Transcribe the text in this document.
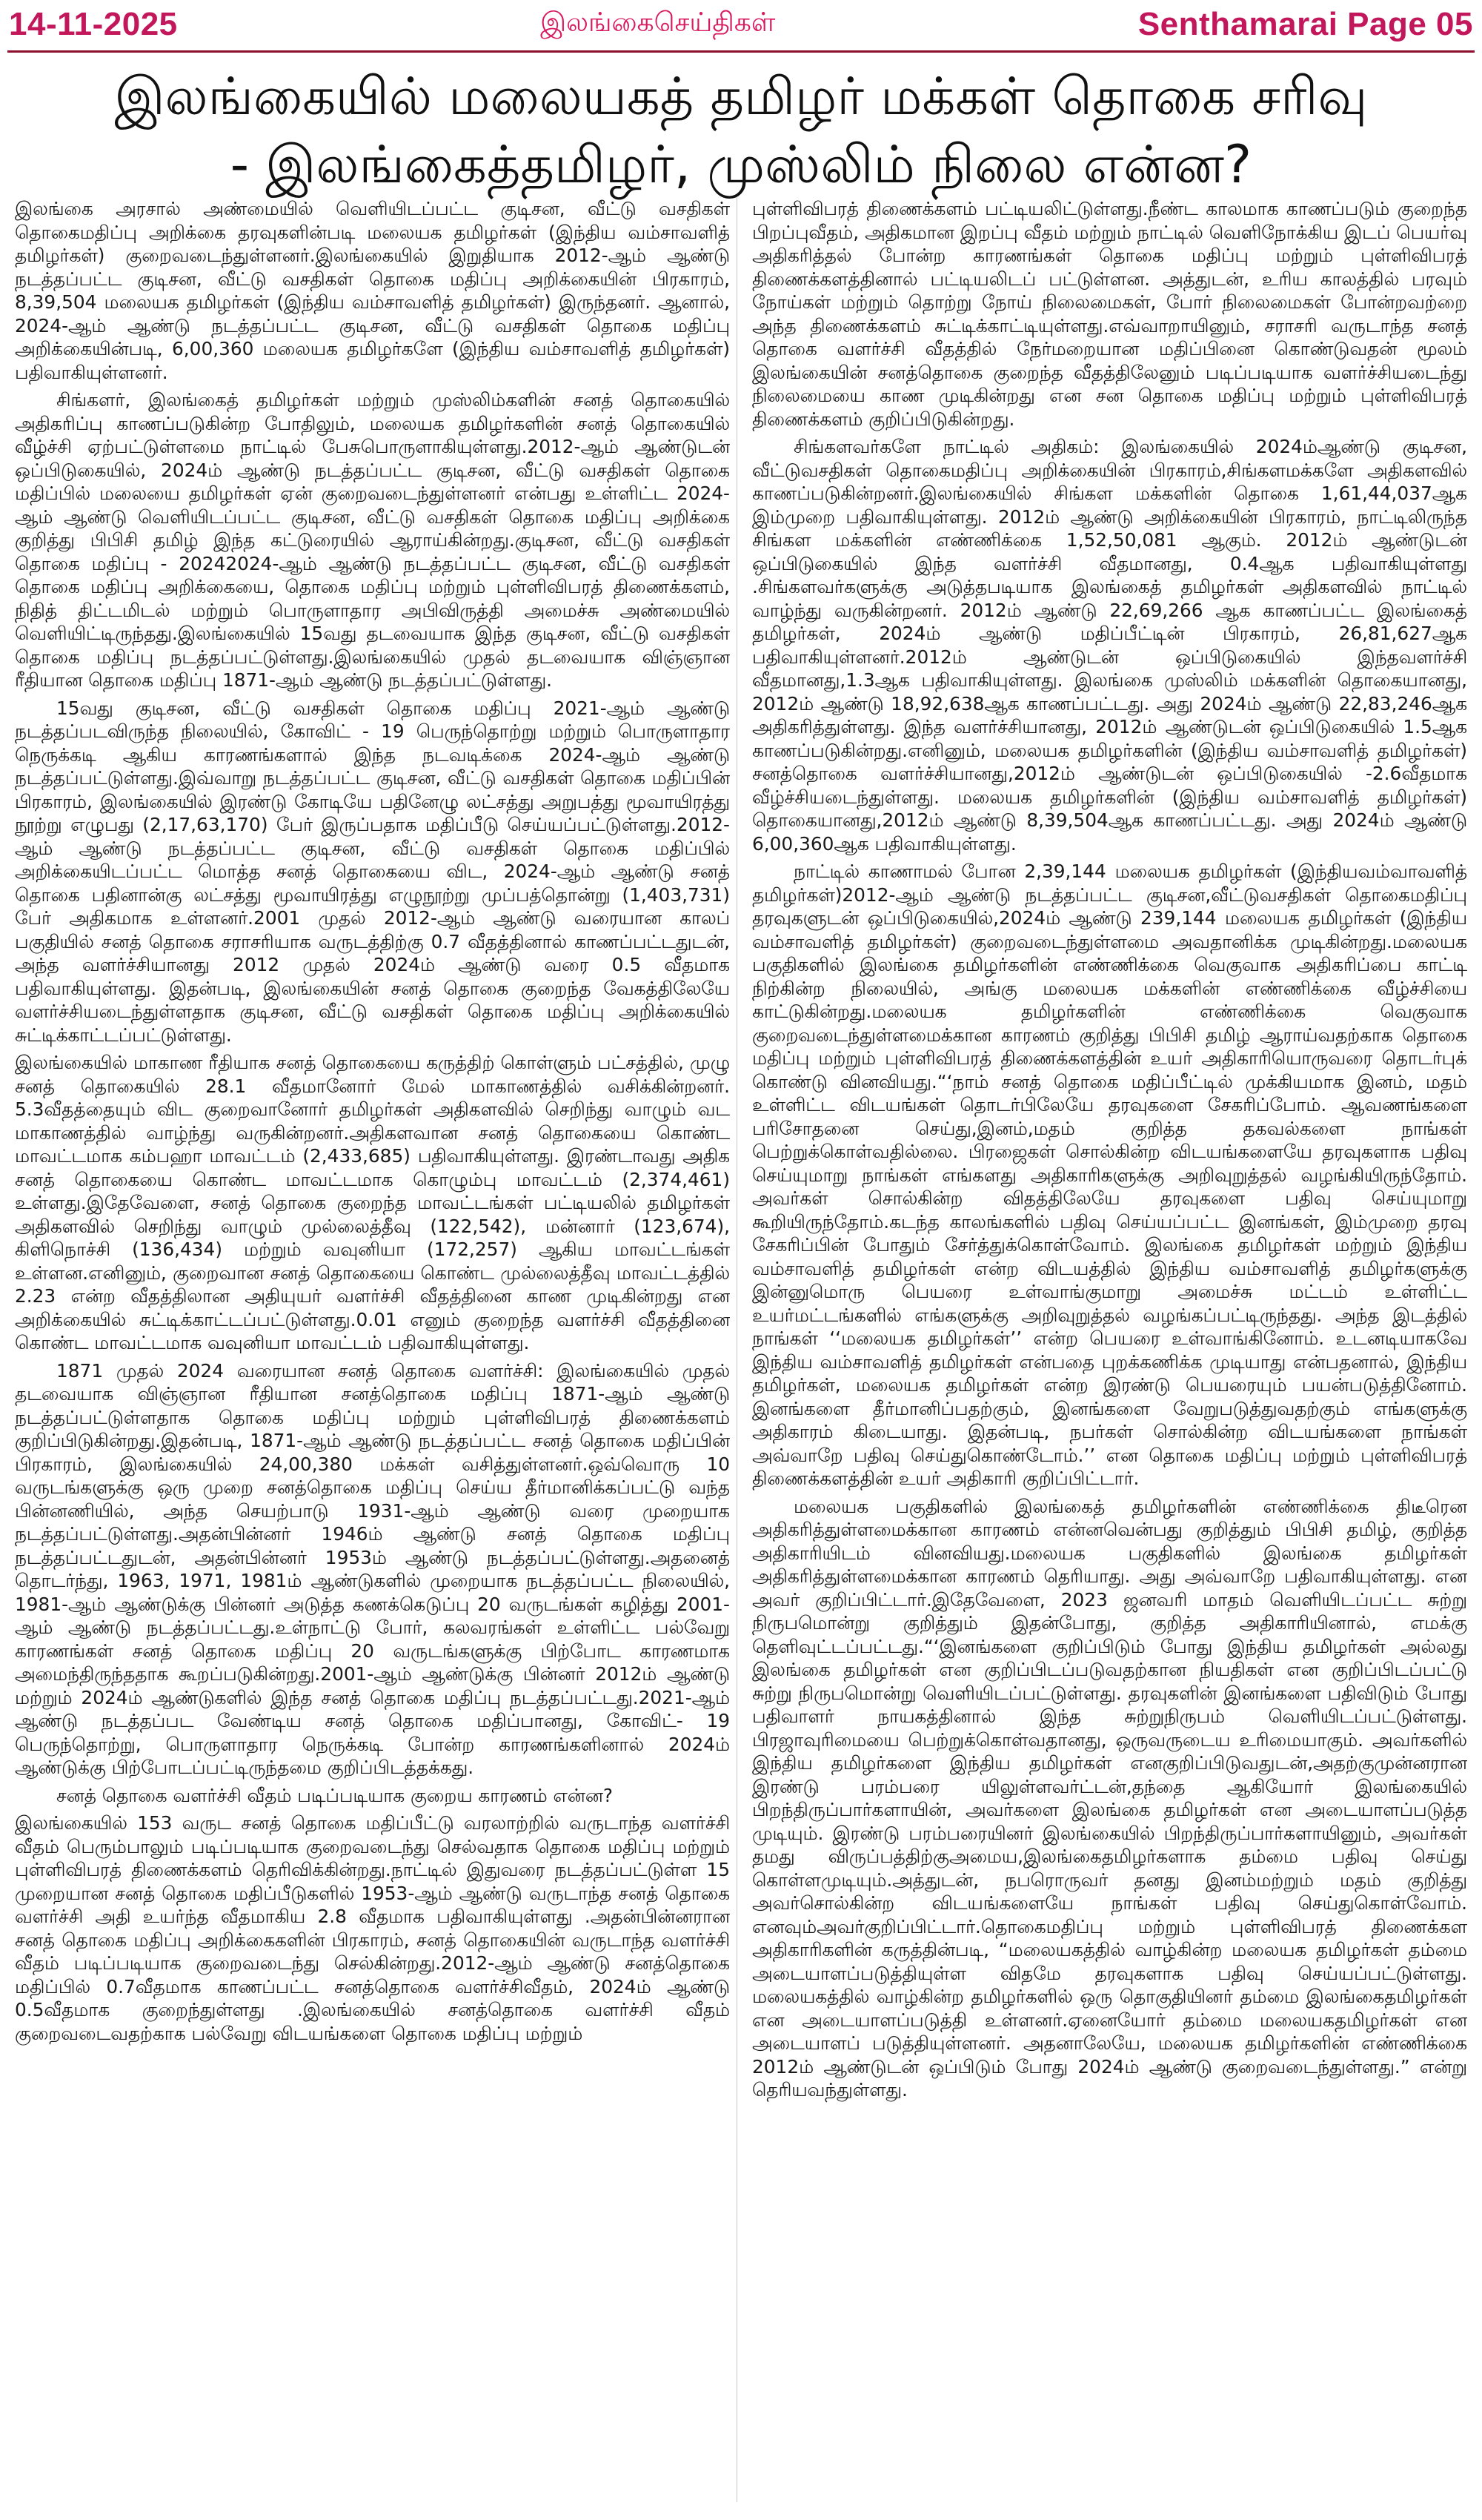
14-11-2025	இலங்கைசெய்திகள்	Senthamarai Page 05
இலங்கையில் மலையகத் தமிழர் மக்கள் தொகை சரிவு
- இலங்கைத்தமிழர், முஸ்லிம் நிலை என்ன?

இலங்கை அரசால் அண்மையில் வெளியிடப்பட்ட குடிசன, வீட்டு வசதிகள் தொகைமதிப்பு அறிக்கை தரவுகளின்படி மலையக தமிழர்கள் (இந்திய வம்சாவளித் தமிழர்கள்) குறைவடைந்துள்ளனர்.இலங்கையில் இறுதியாக 2012-ஆம் ஆண்டு நடத்தப்பட்ட குடிசன, வீட்டு வசதிகள் தொகை மதிப்பு அறிக்கையின் பிரகாரம், 8,39,504 மலையக தமிழர்கள் (இந்திய வம்சாவளித் தமிழர்கள்) இருந்தனர். ஆனால், 2024-ஆம் ஆண்டு நடத்தப்பட்ட குடிசன, வீட்டு வசதிகள் தொகை மதிப்பு அறிக்கையின்படி, 6,00,360 மலையக தமிழர்களே (இந்திய வம்சாவளித் தமிழர்கள்) பதிவாகியுள்ளனர்.

சிங்களர், இலங்கைத் தமிழர்கள் மற்றும் முஸ்லிம்களின் சனத் தொகையில் அதிகரிப்பு காணப்படுகின்ற போதிலும், மலையக தமிழர்களின் சனத் தொகையில் வீழ்ச்சி ஏற்பட்டுள்ளமை நாட்டில் பேசுபொருளாகியுள்ளது.2012-ஆம் ஆண்டுடன் ஒப்பிடுகையில், 2024ம் ஆண்டு நடத்தப்பட்ட குடிசன, வீட்டு வசதிகள் தொகை மதிப்பில் மலையை தமிழர்கள் ஏன் குறைவடைந்துள்ளனர் என்பது உள்ளிட்ட 2024-ஆம் ஆண்டு வெளியிடப்பட்ட குடிசன, வீட்டு வசதிகள் தொகை மதிப்பு அறிக்கை குறித்து பிபிசி தமிழ் இந்த கட்டுரையில் ஆராய்கின்றது.குடிசன, வீட்டு வசதிகள் தொகை மதிப்பு - 20242024-ஆம் ஆண்டு நடத்தப்பட்ட குடிசன, வீட்டு வசதிகள் தொகை மதிப்பு அறிக்கையை, தொகை மதிப்பு மற்றும் புள்ளிவிபரத் திணைக்களம், நிதித் திட்டமிடல் மற்றும் பொருளாதார அபிவிருத்தி அமைச்சு அண்மையில் வெளியிட்டிருந்தது.இலங்கையில் 15வது தடவையாக இந்த குடிசன, வீட்டு வசதிகள் தொகை மதிப்பு நடத்தப்பட்டுள்ளது.இலங்கையில் முதல் தடவையாக விஞ்ஞான ரீதியான தொகை மதிப்பு 1871-ஆம் ஆண்டு நடத்தப்பட்டுள்ளது.

15வது குடிசன, வீட்டு வசதிகள் தொகை மதிப்பு 2021-ஆம் ஆண்டு நடத்தப்படவிருந்த நிலையில், கோவிட் - 19 பெருந்தொற்று மற்றும் பொருளாதார நெருக்கடி ஆகிய காரணங்களால் இந்த நடவடிக்கை 2024-ஆம் ஆண்டு நடத்தப்பட்டுள்ளது.இவ்வாறு நடத்தப்பட்ட குடிசன, வீட்டு வசதிகள் தொகை மதிப்பின் பிரகாரம், இலங்கையில் இரண்டு கோடியே பதினேழு லட்சத்து அறுபத்து மூவாயிரத்து நூற்று எழுபது (2,17,63,170) பேர் இருப்பதாக மதிப்பீடு செய்யப்பட்டுள்ளது.2012-ஆம் ஆண்டு நடத்தப்பட்ட குடிசன, வீட்டு வசதிகள் தொகை மதிப்பில் அறிக்கையிடப்பட்ட மொத்த சனத் தொகையை விட, 2024-ஆம் ஆண்டு சனத் தொகை பதினான்கு லட்சத்து மூவாயிரத்து எழுநூற்று முப்பத்தொன்று (1,403,731) பேர் அதிகமாக உள்ளனர்.2001 முதல் 2012-ஆம் ஆண்டு வரையான காலப் பகுதியில் சனத் தொகை சராசரியாக வருடத்திற்கு 0.7 வீதத்தினால் காணப்பட்டதுடன், அந்த வளர்ச்சியானது 2012 முதல் 2024ம் ஆண்டு வரை 0.5 வீதமாக பதிவாகியுள்ளது. இதன்படி, இலங்கையின் சனத் தொகை குறைந்த வேகத்திலேயே வளர்ச்சியடைந்துள்ளதாக குடிசன, வீட்டு வசதிகள் தொகை மதிப்பு அறிக்கையில் சுட்டிக்காட்டப்பட்டுள்ளது.

இலங்கையில் மாகாண ரீதியாக சனத் தொகையை கருத்திற் கொள்ளும் பட்சத்தில், முழு சனத் தொகையில் 28.1 வீதமானோர் மேல் மாகாணத்தில் வசிக்கின்றனர். 5.3வீதத்தையும் விட குறைவானோர் தமிழர்கள் அதிகளவில் செறிந்து வாழும் வட மாகாணத்தில் வாழ்ந்து வருகின்றனர்.அதிகளவான சனத் தொகையை கொண்ட மாவட்டமாக கம்பஹா மாவட்டம் (2,433,685) பதிவாகியுள்ளது. இரண்டாவது அதிக சனத் தொகையை கொண்ட மாவட்டமாக கொழும்பு மாவட்டம் (2,374,461) உள்ளது.இதேவேளை, சனத் தொகை குறைந்த மாவட்டங்கள் பட்டியலில் தமிழர்கள் அதிகளவில் செறிந்து வாழும் முல்லைத்தீவு (122,542), மன்னார் (123,674), கிளிநொச்சி (136,434) மற்றும் வவுனியா (172,257) ஆகிய மாவட்டங்கள் உள்ளன.எனினும், குறைவான சனத் தொகையை கொண்ட முல்லைத்தீவு மாவட்டத்தில் 2.23 என்ற வீதத்திலான அதியுயர் வளர்ச்சி வீதத்தினை காண முடிகின்றது என அறிக்கையில் சுட்டிக்காட்டப்பட்டுள்ளது.0.01 எனும் குறைந்த வளர்ச்சி வீதத்தினை கொண்ட மாவட்டமாக வவுனியா மாவட்டம் பதிவாகியுள்ளது.

1871 முதல் 2024 வரையான சனத் தொகை வளர்ச்சி: இலங்கையில் முதல் தடவையாக விஞ்ஞான ரீதியான சனத்தொகை மதிப்பு 1871-ஆம் ஆண்டு நடத்தப்பட்டுள்ளதாக தொகை மதிப்பு மற்றும் புள்ளிவிபரத் திணைக்களம் குறிப்பிடுகின்றது.இதன்படி, 1871-ஆம் ஆண்டு நடத்தப்பட்ட சனத் தொகை மதிப்பின் பிரகாரம், இலங்கையில் 24,00,380 மக்கள் வசித்துள்ளனர்.ஒவ்வொரு 10 வருடங்களுக்கு ஒரு முறை சனத்தொகை மதிப்பு செய்ய தீர்மானிக்கப்பட்டு வந்த பின்னணியில், அந்த செயற்பாடு 1931-ஆம் ஆண்டு வரை முறையாக நடத்தப்பட்டுள்ளது.அதன்பின்னர் 1946ம் ஆண்டு சனத் தொகை மதிப்பு நடத்தப்பட்டதுடன், அதன்பின்னர் 1953ம் ஆண்டு நடத்தப்பட்டுள்ளது.அதனைத் தொடர்ந்து, 1963, 1971, 1981ம் ஆண்டுகளில் முறையாக நடத்தப்பட்ட நிலையில், 1981-ஆம் ஆண்டுக்கு பின்னர் அடுத்த கணக்கெடுப்பு 20 வருடங்கள் கழித்து 2001-ஆம் ஆண்டு நடத்தப்பட்டது.உள்நாட்டு போர், கலவரங்கள் உள்ளிட்ட பல்வேறு காரணங்கள் சனத் தொகை மதிப்பு 20 வருடங்களுக்கு பிற்போட காரணமாக அமைந்திருந்ததாக கூறப்படுகின்றது.2001-ஆம் ஆண்டுக்கு பின்னர் 2012ம் ஆண்டு மற்றும் 2024ம் ஆண்டுகளில் இந்த சனத் தொகை மதிப்பு நடத்தப்பட்டது.2021-ஆம் ஆண்டு நடத்தப்பட வேண்டிய சனத் தொகை மதிப்பானது, கோவிட்- 19 பெருந்தொற்று, பொருளாதார நெருக்கடி போன்ற காரணங்களினால் 2024ம் ஆண்டுக்கு பிற்போடப்பட்டிருந்தமை குறிப்பிடத்தக்கது.

சனத் தொகை வளர்ச்சி வீதம் படிப்படியாக குறைய காரணம் என்ன?

இலங்கையில் 153 வருட சனத் தொகை மதிப்பீட்டு வரலாற்றில் வருடாந்த வளர்ச்சி வீதம் பெரும்பாலும் படிப்படியாக குறைவடைந்து செல்வதாக தொகை மதிப்பு மற்றும் புள்ளிவிபரத் திணைக்களம் தெரிவிக்கின்றது.நாட்டில் இதுவரை நடத்தப்பட்டுள்ள 15 முறையான சனத் தொகை மதிப்பீடுகளில் 1953-ஆம் ஆண்டு வருடாந்த சனத் தொகை வளர்ச்சி அதி உயர்ந்த வீதமாகிய 2.8 வீதமாக பதிவாகியுள்ளது .அதன்பின்னரான சனத் தொகை மதிப்பு அறிக்கைகளின் பிரகாரம், சனத் தொகையின் வருடாந்த வளர்ச்சி வீதம் படிப்படியாக குறைவடைந்து செல்கின்றது.2012-ஆம் ஆண்டு சனத்தொகை மதிப்பில் 0.7வீதமாக காணப்பட்ட சனத்தொகை வளர்ச்சிவீதம், 2024ம் ஆண்டு 0.5வீதமாக குறைந்துள்ளது .இலங்கையில் சனத்தொகை வளர்ச்சி வீதம் குறைவடைவதற்காக பல்வேறு விடயங்களை தொகை மதிப்பு மற்றும்

புள்ளிவிபரத் திணைக்களம் பட்டியலிட்டுள்ளது.நீண்ட காலமாக காணப்படும் குறைந்த பிறப்புவீதம், அதிகமான இறப்பு வீதம் மற்றும் நாட்டில் வெளிநோக்கிய இடப் பெயர்வு அதிகரித்தல் போன்ற காரணங்கள் தொகை மதிப்பு மற்றும் புள்ளிவிபரத் திணைக்களத்தினால் பட்டியலிடப் பட்டுள்ளன. அத்துடன், உரிய காலத்தில் பரவும் நோய்கள் மற்றும் தொற்று நோய் நிலைமைகள், போர் நிலைமைகள் போன்றவற்றை அந்த திணைக்களம் சுட்டிக்காட்டியுள்ளது.எவ்வாறாயினும், சராசரி வருடாந்த சனத் தொகை வளர்ச்சி வீதத்தில் நேர்மறையான மதிப்பினை கொண்டுவதன் மூலம் இலங்கையின் சனத்தொகை குறைந்த வீதத்திலேனும் படிப்படியாக வளர்ச்சியடைந்து நிலைமையை காண முடிகின்றது என சன தொகை மதிப்பு மற்றும் புள்ளிவிபரத் திணைக்களம் குறிப்பிடுகின்றது.

சிங்களவர்களே நாட்டில் அதிகம்: இலங்கையில் 2024ம்ஆண்டு குடிசன, வீட்டுவசதிகள் தொகைமதிப்பு அறிக்கையின் பிரகாரம்,சிங்களமக்களே அதிகளவில் காணப்படுகின்றனர்.இலங்கையில் சிங்கள மக்களின் தொகை 1,61,44,037ஆக இம்முறை பதிவாகியுள்ளது. 2012ம் ஆண்டு அறிக்கையின் பிரகாரம், நாட்டிலிருந்த சிங்கள மக்களின் எண்ணிக்கை 1,52,50,081 ஆகும். 2012ம் ஆண்டுடன் ஒப்பிடுகையில் இந்த வளர்ச்சி வீதமானது, 0.4ஆக பதிவாகியுள்ளது .சிங்களவர்களுக்கு அடுத்தபடியாக இலங்கைத் தமிழர்கள் அதிகளவில் நாட்டில் வாழ்ந்து வருகின்றனர். 2012ம் ஆண்டு 22,69,266 ஆக காணப்பட்ட இலங்கைத் தமிழர்கள், 2024ம் ஆண்டு மதிப்பீட்டின் பிரகாரம், 26,81,627ஆக பதிவாகியுள்ளனர்.2012ம் ஆண்டுடன் ஒப்பிடுகையில் இந்தவளர்ச்சி வீதமானது,1.3ஆக பதிவாகியுள்ளது. இலங்கை முஸ்லிம் மக்களின் தொகையானது, 2012ம் ஆண்டு 18,92,638ஆக காணப்பட்டது. அது 2024ம் ஆண்டு 22,83,246ஆக அதிகரித்துள்ளது. இந்த வளர்ச்சியானது, 2012ம் ஆண்டுடன் ஒப்பிடுகையில் 1.5ஆக காணப்படுகின்றது.எனினும், மலையக தமிழர்களின் (இந்திய வம்சாவளித் தமிழர்கள்) சனத்தொகை வளர்ச்சியானது,2012ம் ஆண்டுடன் ஒப்பிடுகையில் -2.6வீதமாக வீழ்ச்சியடைந்துள்ளது. மலையக தமிழர்களின் (இந்திய வம்சாவளித் தமிழர்கள்) தொகையானது,2012ம் ஆண்டு 8,39,504ஆக காணப்பட்டது. அது 2024ம் ஆண்டு 6,00,360ஆக பதிவாகியுள்ளது.

நாட்டில் காணாமல் போன 2,39,144 மலையக தமிழர்கள் (இந்தியவம்வாவளித் தமிழர்கள்)2012-ஆம் ஆண்டு நடத்தப்பட்ட குடிசன,வீட்டுவசதிகள் தொகைமதிப்பு தரவுகளுடன் ஒப்பிடுகையில்,2024ம் ஆண்டு 239,144 மலையக தமிழர்கள் (இந்திய வம்சாவளித் தமிழர்கள்) குறைவடைந்துள்ளமை அவதானிக்க முடிகின்றது.மலையக பகுதிகளில் இலங்கை தமிழர்களின் எண்ணிக்கை வெகுவாக அதிகரிப்பை காட்டி நிற்கின்ற நிலையில், அங்கு மலையக மக்களின் எண்ணிக்கை வீழ்ச்சியை காட்டுகின்றது.மலையக தமிழர்களின் எண்ணிக்கை வெகுவாக குறைவடைந்துள்ளமைக்கான காரணம் குறித்து பிபிசி தமிழ் ஆராய்வதற்காக தொகை மதிப்பு மற்றும் புள்ளிவிபரத் திணைக்களத்தின் உயர் அதிகாரியொருவரை தொடர்புக் கொண்டு வினவியது.“‘நாம் சனத் தொகை மதிப்பீட்டில் முக்கியமாக இனம், மதம் உள்ளிட்ட விடயங்கள் தொடர்பிலேயே தரவுகளை சேகரிப்போம். ஆவணங்களை பரிசோதனை செய்து,இனம்,மதம் குறித்த தகவல்களை நாங்கள் பெற்றுக்கொள்வதில்லை. பிரஜைகள் சொல்கின்ற விடயங்களையே தரவுகளாக பதிவு செய்யுமாறு நாங்கள் எங்களது அதிகாரிகளுக்கு அறிவுறுத்தல் வழங்கியிருந்தோம். அவர்கள் சொல்கின்ற விதத்திலேயே தரவுகளை பதிவு செய்யுமாறு கூறியிருந்தோம்.கடந்த காலங்களில் பதிவு செய்யப்பட்ட இனங்கள், இம்முறை தரவு சேகரிப்பின் போதும் சேர்த்துக்கொள்வோம். இலங்கை தமிழர்கள் மற்றும் இந்திய வம்சாவளித் தமிழர்கள் என்ற விடயத்தில் இந்திய வம்சாவளித் தமிழர்களுக்கு இன்னுமொரு பெயரை உள்வாங்குமாறு அமைச்சு மட்டம் உள்ளிட்ட உயர்மட்டங்களில் எங்களுக்கு அறிவுறுத்தல் வழங்கப்பட்டிருந்தது. அந்த இடத்தில் நாங்கள் ‘‘மலையக தமிழர்கள்’’ என்ற பெயரை உள்வாங்கினோம். உடனடியாகவே இந்திய வம்சாவளித் தமிழர்கள் என்பதை புறக்கணிக்க முடியாது என்பதனால், இந்திய தமிழர்கள், மலையக தமிழர்கள் என்ற இரண்டு பெயரையும் பயன்படுத்தினோம். இனங்களை தீர்மானிப்பதற்கும், இனங்களை வேறுபடுத்துவதற்கும் எங்களுக்கு அதிகாரம் கிடையாது. இதன்படி, நபர்கள் சொல்கின்ற விடயங்களை நாங்கள் அவ்வாறே பதிவு செய்துகொண்டோம்.’’ என தொகை மதிப்பு மற்றும் புள்ளிவிபரத் திணைக்களத்தின் உயர் அதிகாரி குறிப்பிட்டார்.

மலையக பகுதிகளில் இலங்கைத் தமிழர்களின் எண்ணிக்கை திடீரென அதிகரித்துள்ளமைக்கான காரணம் என்னவென்பது குறித்தும் பிபிசி தமிழ், குறித்த அதிகாரியிடம் வினவியது.மலையக பகுதிகளில் இலங்கை தமிழர்கள் அதிகரித்துள்ளமைக்கான காரணம் தெரியாது. அது அவ்வாறே பதிவாகியுள்ளது. என அவர் குறிப்பிட்டார்.இதேவேளை, 2023 ஜனவரி மாதம் வெளியிடப்பட்ட சுற்று நிருபமொன்று குறித்தும் இதன்போது, குறித்த அதிகாரியினால், எமக்கு தெளிவுட்டப்பட்டது.“‘இனங்களை குறிப்பிடும் போது இந்திய தமிழர்கள் அல்லது இலங்கை தமிழர்கள் என குறிப்பிடப்படுவதற்கான நியதிகள் என குறிப்பிடப்பட்டு சுற்று நிருபமொன்று வெளியிடப்பட்டுள்ளது. தரவுகளின் இனங்களை பதிவிடும் போது பதிவாளர் நாயகத்தினால் இந்த சுற்றுநிருபம் வெளியிடப்பட்டுள்ளது. பிரஜாவுரிமையை பெற்றுக்கொள்வதானது, ஒருவருடைய உரிமையாகும். அவர்களில் இந்திய தமிழர்களை இந்திய தமிழர்கள் எனகுறிப்பிடுவதுடன்,அதற்குமுன்னரான இரண்டு பரம்பரை யிலுள்ளவர்ட்டன்,தந்தை ஆகியோர் இலங்கையில் பிறந்திருப்பார்களாயின், அவர்களை இலங்கை தமிழர்கள் என அடையாளப்படுத்த முடியும். இரண்டு பரம்பரையினர் இலங்கையில் பிறந்திருப்பார்களாயினும், அவர்கள் தமது விருப்பத்திற்குஅமைய,இலங்கைதமிழர்களாக தம்மை பதிவு செய்து கொள்ளமுடியும்.அத்துடன், நபரொருவர் தனது இனம்மற்றும் மதம் குறித்து அவர்சொல்கின்ற விடயங்களையே நாங்கள் பதிவு செய்துகொள்வோம். எனவும்அவர்குறிப்பிட்டார்.தொகைமதிப்பு மற்றும் புள்ளிவிபரத் திணைக்கள அதிகாரிகளின் கருத்தின்படி, “மலையகத்தில் வாழ்கின்ற மலையக தமிழர்கள் தம்மை அடையாளப்படுத்தியுள்ள விதமே தரவுகளாக பதிவு செய்யப்பட்டுள்ளது. மலையகத்தில் வாழ்கின்ற தமிழர்களில் ஒரு தொகுதியினர் தம்மை இலங்கைதமிழர்கள் என அடையாளப்படுத்தி உள்ளனர்.ஏனையோர் தம்மை மலையகதமிழர்கள் என அடையாளப் படுத்தியுள்ளனர். அதனாலேயே, மலையக தமிழர்களின் எண்ணிக்கை 2012ம் ஆண்டுடன் ஒப்பிடும் போது 2024ம் ஆண்டு குறைவடைந்துள்ளது.” என்று தெரியவந்துள்ளது.
